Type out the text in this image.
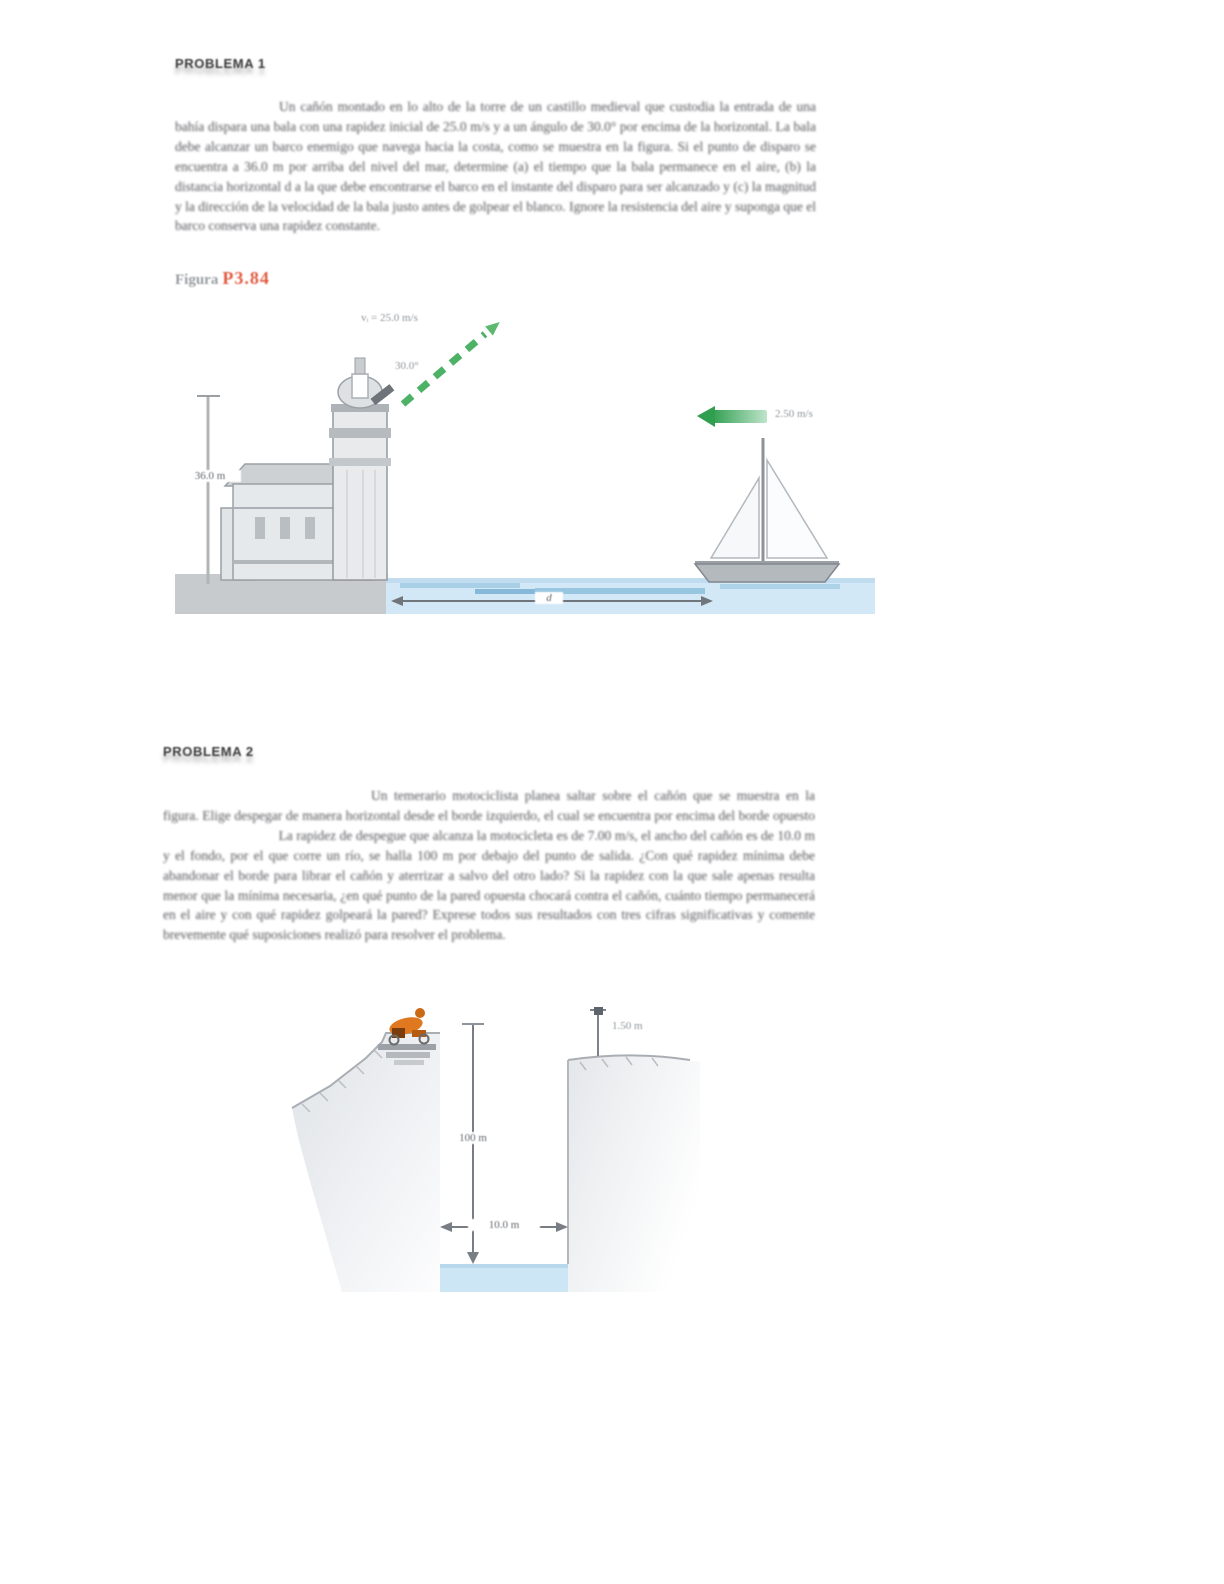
PROBLEMA 1
Un cañón montado en lo alto de la torre de un castillo medieval que custodia la entrada de una bahía dispara una bala con una rapidez inicial de 25.0 m/s y a un ángulo de 30.0° por encima de la horizontal. La bala debe alcanzar un barco enemigo que navega hacia la costa, como se muestra en la figura. Si el punto de disparo se encuentra a 36.0 m por arriba del nivel del mar, determine (a) el tiempo que la bala permanece en el aire, (b) la distancia horizontal d a la que debe encontrarse el barco en el instante del disparo para ser alcanzado y (c) la magnitud y la dirección de la velocidad de la bala justo antes de golpear el blanco. Ignore la resistencia del aire y suponga que el barco conserva una rapidez constante.
Figura P3.84
vᵢ = 25.0 m/s
30.0°
36.0 m
d
2.50 m/s
PROBLEMA 2
Un temerario motociclista planea saltar sobre el cañón que se muestra en la figura. Elige despegar de manera horizontal desde el borde izquierdo, el cual se encuentra por encima del borde opuesto  La rapidez de despegue que alcanza la motocicleta es de 7.00 m/s, el ancho del cañón es de 10.0 m y el fondo, por el que corre un río, se halla 100 m por debajo del punto de salida. ¿Con qué rapidez mínima debe abandonar el borde para librar el cañón y aterrizar a salvo del otro lado? Si la rapidez con la que sale apenas resulta menor que la mínima necesaria, ¿en qué punto de la pared opuesta chocará contra el cañón, cuánto tiempo permanecerá en el aire y con qué rapidez golpeará la pared? Exprese todos sus resultados con tres cifras significativas y comente brevemente qué suposiciones realizó para resolver el problema.
100 m
10.0 m
1.50 m
